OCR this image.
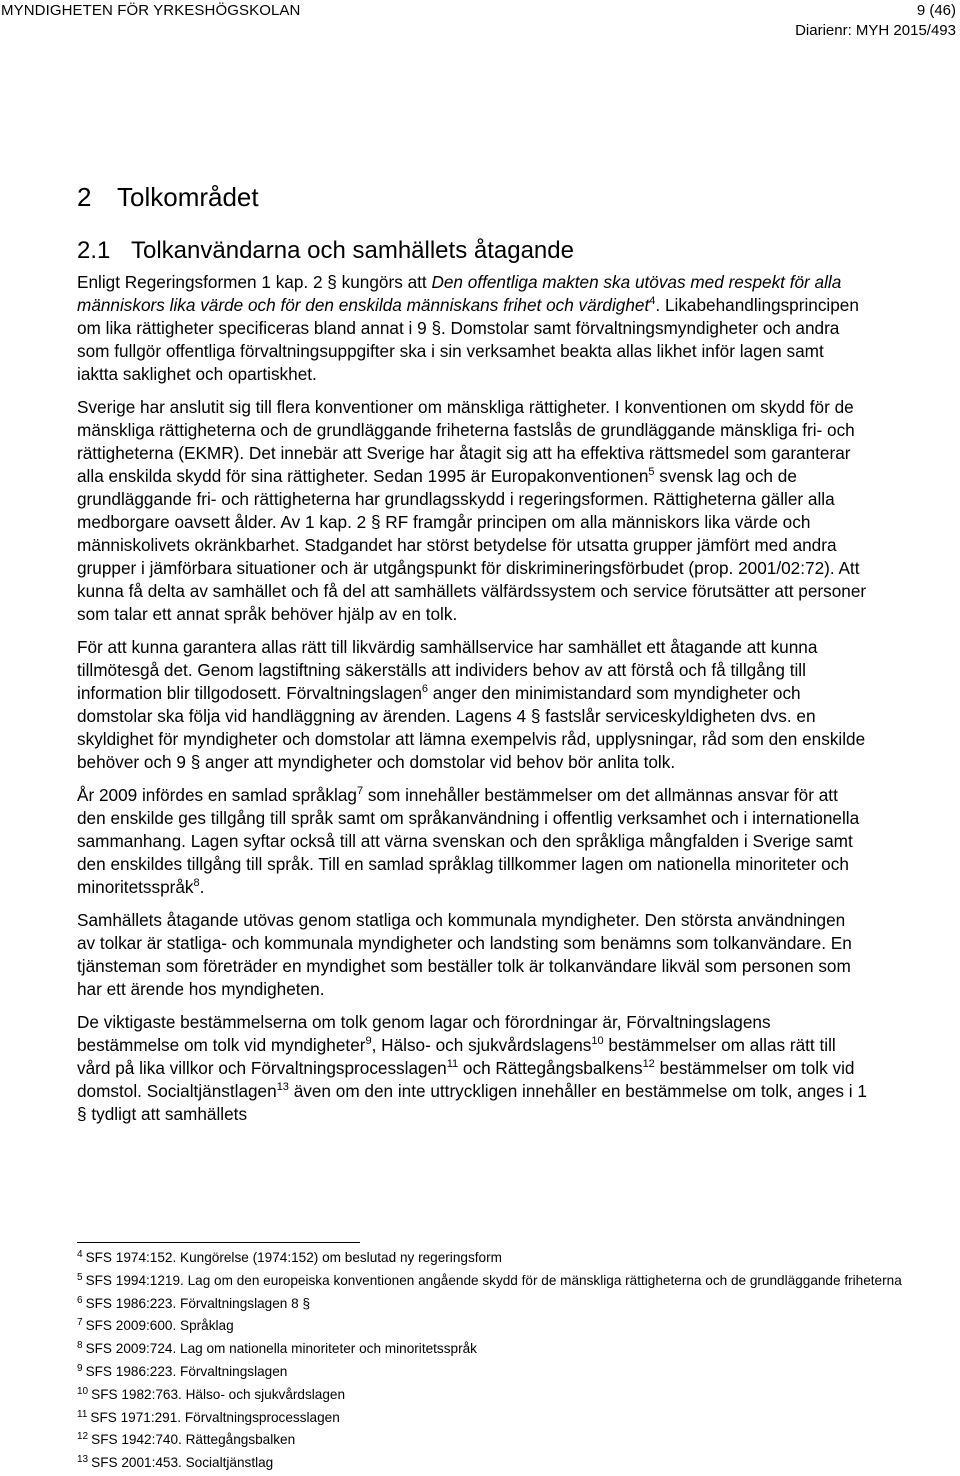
MYNDIGHETEN FÖR YRKESHÖGSKOLAN	9 (46)
Diarienr: MYH 2015/493
2 Tolkområdet
2.1 Tolkanvändarna och samhällets åtagande

Enligt Regeringsformen 1 kap. 2 § kungörs att Den offentliga makten ska utövas med respekt för alla människors lika värde och för den enskilda människans frihet och värdighet$^4$. Likabehandlingsprincipen om lika rättigheter specificeras bland annat i 9 §. Domstolar samt förvaltningsmyndigheter och andra som fullgör offentliga förvaltningsuppgifter ska i sin verksamhet beakta allas likhet inför lagen samt iaktta saklighet och opartiskhet.

Sverige har anslutit sig till flera konventioner om mänskliga rättigheter. I konventionen om skydd för de mänskliga rättigheterna och de grundläggande friheterna fastslås de grundläggande mänskliga fri- och rättigheterna (EKMR). Det innebär att Sverige har åtagit sig att ha effektiva rättsmedel som garanterar alla enskilda skydd för sina rättigheter. Sedan 1995 är Europakonventionen$^5$ svensk lag och de grundläggande fri- och rättigheterna har grundlagsskydd i regeringsformen. Rättigheterna gäller alla medborgare oavsett ålder. Av 1 kap. 2 § RF framgår principen om alla människors lika värde och människolivets okränkbarhet. Stadgandet har störst betydelse för utsatta grupper jämfört med andra grupper i jämförbara situationer och är utgångspunkt för diskrimineringsförbudet (prop. 2001/02:72). Att kunna få delta av samhället och få del att samhällets välfärdssystem och service förutsätter att personer som talar ett annat språk behöver hjälp av en tolk.

För att kunna garantera allas rätt till likvärdig samhällservice har samhället ett åtagande att kunna tillmötesgå det. Genom lagstiftning säkerställs att individers behov av att förstå och få tillgång till information blir tillgodosett. Förvaltningslagen$^6$ anger den minimistandard som myndigheter och domstolar ska följa vid handläggning av ärenden. Lagens 4 § fastslår serviceskyldigheten dvs. en skyldighet för myndigheter och domstolar att lämna exempelvis råd, upplysningar, råd som den enskilde behöver och 9 § anger att myndigheter och domstolar vid behov bör anlita tolk.

År 2009 infördes en samlad språklag$^7$ som innehåller bestämmelser om det allmännas ansvar för att den enskilde ges tillgång till språk samt om språkanvändning i offentlig verksamhet och i internationella sammanhang. Lagen syftar också till att värna svenskan och den språkliga mångfalden i Sverige samt den enskildes tillgång till språk. Till en samlad språklag tillkommer lagen om nationella minoriteter och minoritetsspråk$^8$.

Samhällets åtagande utövas genom statliga och kommunala myndigheter. Den största användningen av tolkar är statliga- och kommunala myndigheter och landsting som benämns som tolkanvändare. En tjänsteman som företräder en myndighet som beställer tolk är tolkanvändare likväl som personen som har ett ärende hos myndigheten.

De viktigaste bestämmelserna om tolk genom lagar och förordningar är, Förvaltningslagens bestämmelse om tolk vid myndigheter$^9$, Hälso- och sjukvårdslagens$^{10}$ bestämmelser om allas rätt till vård på lika villkor och Förvaltningsprocesslagen$^{11}$ och Rättegångsbalkens$^{12}$ bestämmelser om tolk vid domstol. Socialtjänstlagen$^{13}$ även om den inte uttryckligen innehåller en bestämmelse om tolk, anges i 1 § tydligt att samhällets

$^4$ SFS 1974:152. Kungörelse (1974:152) om beslutad ny regeringsform
$^5$ SFS 1994:1219. Lag om den europeiska konventionen angående skydd för de mänskliga rättigheterna och de grundläggande friheterna
$^6$ SFS 1986:223. Förvaltningslagen 8 §
$^7$ SFS 2009:600. Språklag
$^8$ SFS 2009:724. Lag om nationella minoriteter och minoritetsspråk
$^9$ SFS 1986:223. Förvaltningslagen
$^{10}$ SFS 1982:763. Hälso- och sjukvårdslagen
$^{11}$ SFS 1971:291. Förvaltningsprocesslagen
$^{12}$ SFS 1942:740. Rättegångsbalken
$^{13}$ SFS 2001:453. Socialtjänstlag
